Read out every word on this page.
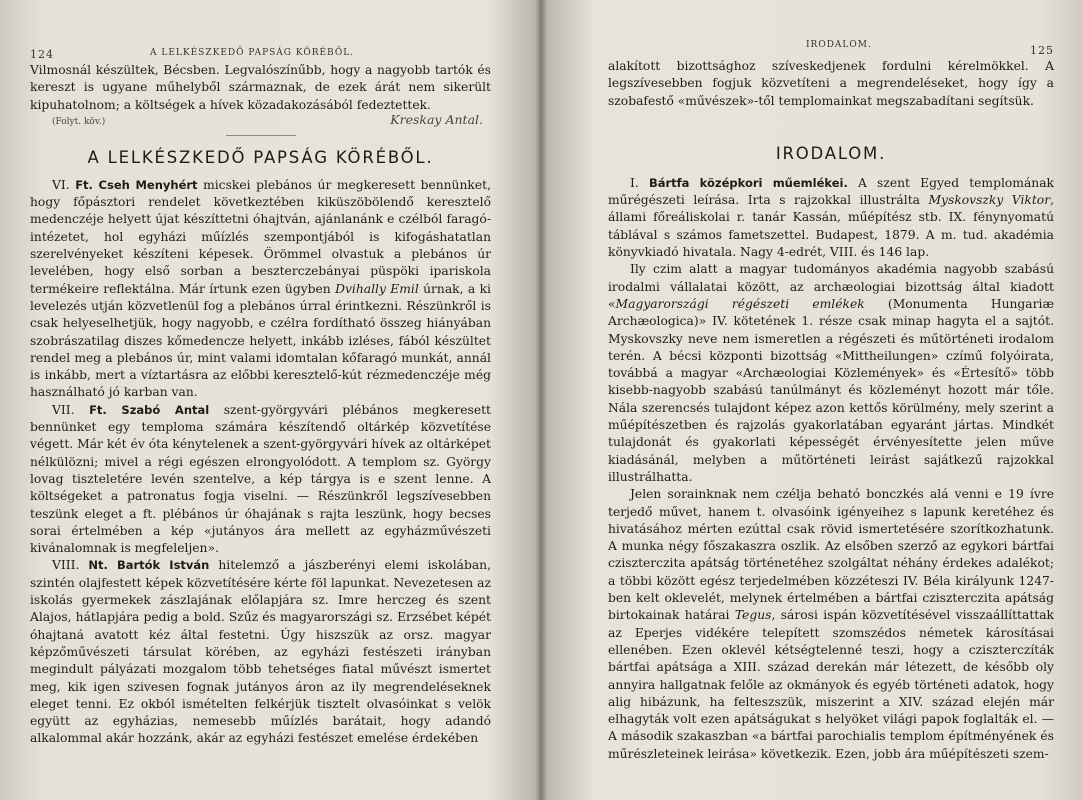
124	A LELKÉSZKEDŐ PAPSÁG KÖRÉBŐL.

Vilmosnál készültek, Bécsben. Legvalószínűbb, hogy a nagyobb tartók és kereszt is ugyane műhelyből származnak, de ezek árát nem sikerült kipuhatolnom; a költségek a hívek közadakozásából fedeztettek.

(Folyt. köv.)	Kreskay Antal.
A LELKÉSZKEDŐ PAPSÁG KÖRÉBŐL.

VI. Ft. Cseh Menyhért micskei plebános úr megkeresett bennünket, hogy főpásztori rendelet következtében kiküszöbölendő keresztelő medenczéje helyett újat készíttetni óhajtván, ajánlanánk e czélból faragó-intézetet, hol egyházi műízlés szempontjából is kifogáshatatlan szerelvényeket készíteni képesek. Örömmel olvastuk a plebános úr levelében, hogy első sorban a beszterczebányai püspöki ipariskola termékeire reflektálna. Már írtunk ezen ügyben Dvihally Emil úrnak, a ki levelezés utján közvetlenül fog a plebános úrral érintkezni. Részünkről is csak helyeselhetjük, hogy nagyobb, e czélra fordítható összeg hiányában szobrászatilag diszes kőmedencze helyett, inkább izléses, fából készültet rendel meg a plebános úr, mint valami idomtalan kőfaragó munkát, annál is inkább, mert a víztartásra az előbbi keresztelő-kút rézmedenczéje még használható jó karban van.

VII. Ft. Szabó Antal szent-györgyvári plébános megkeresett bennünket egy temploma számára készítendő oltárkép közvetítése végett. Már két év óta kénytelenek a szent-györgyvári hívek az oltárképet nélkülözni; mivel a régi egészen elrongyolódott. A templom sz. György lovag tiszteletére levén szentelve, a kép tárgya is e szent lenne. A költségeket a patronatus fogja viselni. — Részünkről legszívesebben teszünk eleget a ft. plébános úr óhajának s rajta leszünk, hogy becses sorai értelmében a kép «jutányos ára mellett az egyházművészeti kivánalomnak is megfeleljen».

VIII. Nt. Bartók István hitelemző a jászberényi elemi iskolában, szintén olajfestett képek közvetítésére kérte föl lapunkat. Nevezetesen az iskolás gyermekek zászlajának előlapjára sz. Imre herczeg és szent Alajos, hátlapjára pedig a bold. Szűz és magyarországi sz. Erzsébet képét óhajtaná avatott kéz által festetni. Úgy hiszszük az orsz. magyar képzőművészeti társulat körében, az egyházi festészeti irányban megindult pályázati mozgalom több tehetséges fiatal művészt ismertet meg, kik igen szivesen fognak jutányos áron az ily megrendeléseknek eleget tenni. Ez okból ismételten felkérjük tisztelt olvasóinkat s velök együtt az egyházias, nemesebb műízlés barátait, hogy adandó alkalommal akár hozzánk, akár az egyházi festészet emelése érdekében

IRODALOM.	125

alakított bizottsághoz szíveskedjenek fordulni kérelmökkel. A legszívesebben fogjuk közvetíteni a megrendeléseket, hogy így a szobafestő «művészek»-től templomainkat megszabadítani segítsük.

IRODALOM.

I. Bártfa középkori műemlékei. A szent Egyed templomának műrégészeti leírása. Irta s rajzokkal illustrálta Myskovszky Viktor, állami főreáliskolai r. tanár Kassán, műépítész stb. IX. fénynyomatú táblával s számos fametszettel. Budapest, 1879. A m. tud. akadémia könyvkiadó hivatala. Nagy 4-edrét, VIII. és 146 lap.

Ily czim alatt a magyar tudományos akadémia nagyobb szabású irodalmi vállalatai között, az archæologiai bizottság által kiadott «Magyarországi régészeti emlékek (Monumenta Hungariæ Archæologica)» IV. kötetének 1. része csak minap hagyta el a sajtót. Myskovszky neve nem ismeretlen a régészeti és műtörténeti irodalom terén. A bécsi központi bizottság «Mittheilungen» czímű folyóirata, továbbá a magyar «Archæologiai Közlemények» és «Értesítő» több kisebb-nagyobb szabású tanúlmányt és közleményt hozott már tőle. Nála szerencsés tulajdont képez azon kettős körülmény, mely szerint a műépítészetben és rajzolás gyakorlatában egyaránt jártas. Mindkét tulajdonát és gyakorlati képességét érvényesítette jelen műve kiadásánál, melyben a műtörténeti leirást sajátkezű rajzokkal illustrálhatta.

Jelen sorainknak nem czélja beható bonczkés alá venni e 19 ívre terjedő művet, hanem t. olvasóink igényeihez s lapunk keretéhez és hivatásához mérten ezúttal csak rövid ismertetésére szorítkozhatunk. A munka négy főszakaszra oszlik. Az elsőben szerző az egykori bártfai cziszterczita apátság történetéhez szolgáltat néhány érdekes adalékot; a többi között egész terjedelmében közzéteszi IV. Béla királyunk 1247-ben kelt oklevelét, melynek értelmében a bártfai cziszterczita apátság birtokainak határai Tegus, sárosi ispán közvetítésével visszaállíttattak az Eperjes vidékére telepített szomszédos németek károsításai ellenében. Ezen oklevél kétségtelenné teszi, hogy a cziszterczíták bártfai apátsága a XIII. század derekán már létezett, de később oly annyira hallgatnak felőle az okmányok és egyéb történeti adatok, hogy alig hibázunk, ha felteszszük, miszerint a XIV. század elején már elhagyták volt ezen apátságukat s helyöket világi papok foglalták el. — A második szakaszban «a bártfai parochialis templom építményének és műrészleteinek leirása» következik. Ezen, jobb ára műépítészeti szem-
